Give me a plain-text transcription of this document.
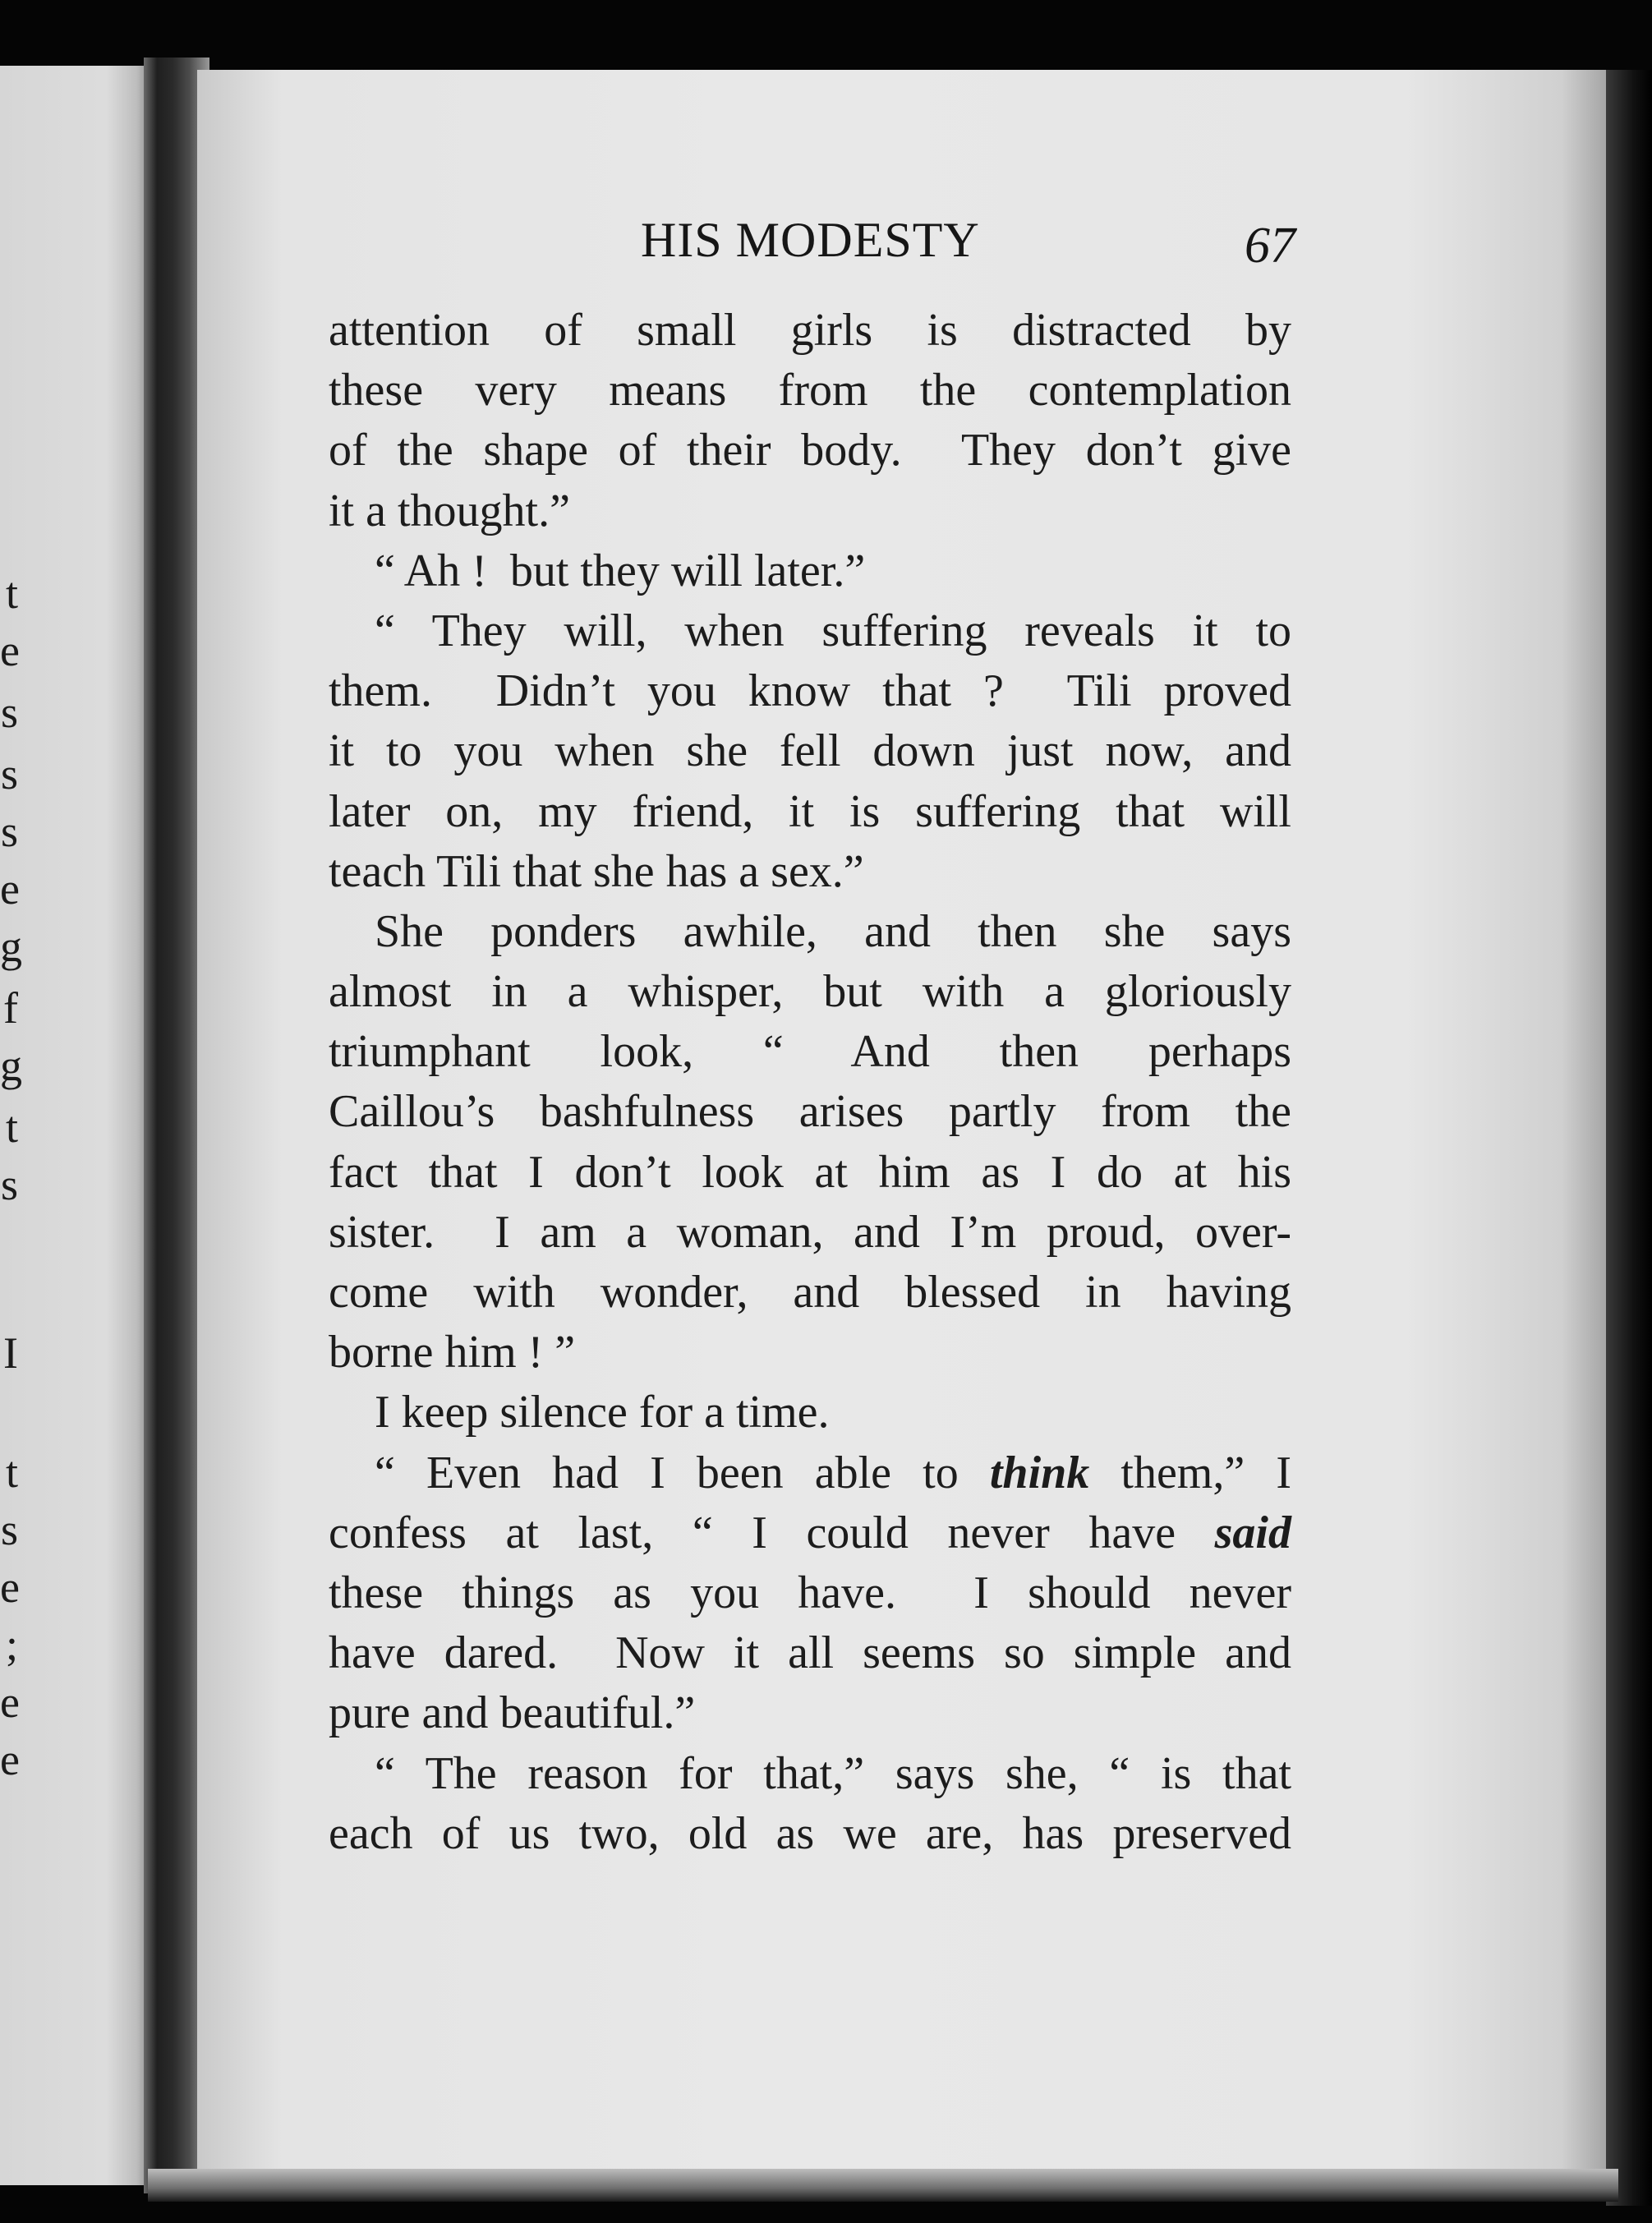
t
e
s
s
s
e
g
f
g
t
s
I
t
s
e
;
e
e
HIS MODESTY	67
attention of small girls is distracted by
these very means from the contemplation
of the shape of their body.  They don’t give
it a thought.”
“ Ah !  but they will later.”
“ They will, when suffering reveals it to
them.  Didn’t you know that ?  Tili proved
it to you when she fell down just now, and
later on, my friend, it is suffering that will
teach Tili that she has a sex.”
She ponders awhile, and then she says
almost in a whisper, but with a gloriously
triumphant look, “ And then perhaps
Caillou’s bashfulness arises partly from the
fact that I don’t look at him as I do at his
sister.  I am a woman, and I’m proud, over-
come with wonder, and blessed in having
borne him ! ”
I keep silence for a time.
“ Even had I been able to think them,” I
confess at last, “ I could never have said
these things as you have.  I should never
have dared.  Now it all seems so simple and
pure and beautiful.”
“ The reason for that,” says she, “ is that
each of us two, old as we are, has preserved
